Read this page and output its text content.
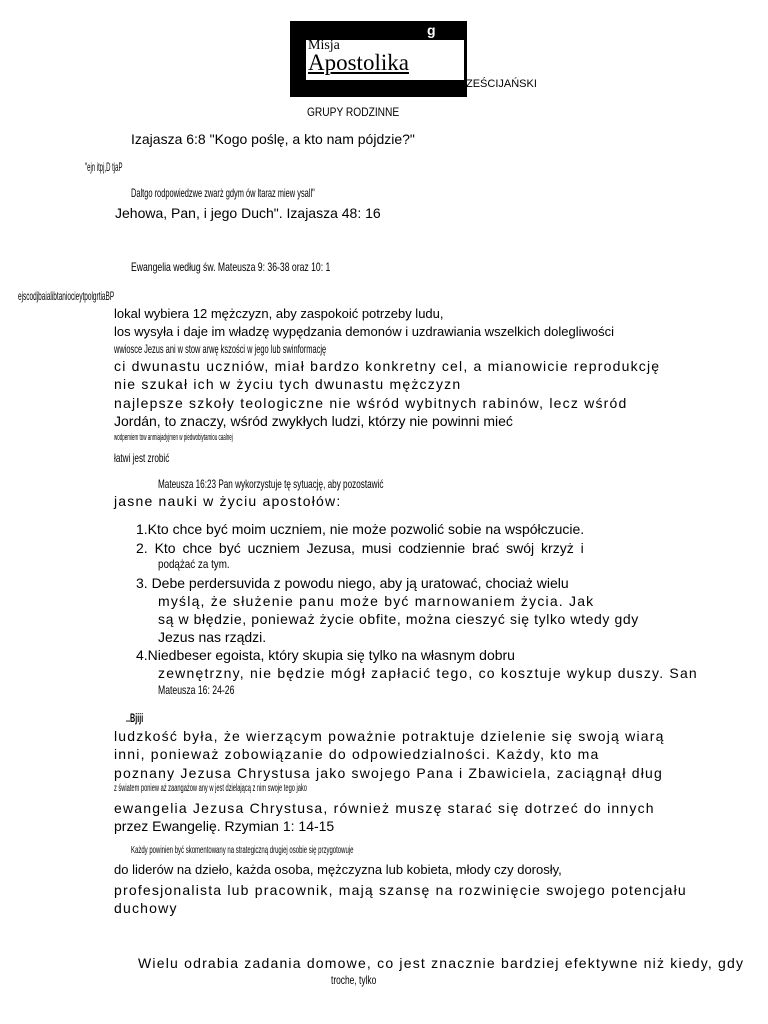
g
Misja
Apostolika
ZEŚCIJAŃSKI
GRUPY RODZINNE
Izajasza 6:8 "Kogo poślę, a kto nam pójdzie?"
"ejn itpj,D tjaP
Daltgo rodpowiedzwe zwarż gdym ów ltaraz miew ysall"
Jehowa, Pan, i jego Duch". Izajasza 48: 16
Ewangelia według św. Mateusza 9: 36-38 oraz 10: 1
ejscodjbaialibtaniocieytpolgrtiaBP
lokal wybiera 12 mężczyzn, aby zaspokoić potrzeby ludu,
los wysyła i daje im władzę wypędzania demonów i uzdrawiania wszelkich dolegliwości
wwiosce Jezus ani w stow arwę kszości w jego lub swinformację
ci dwunastu uczniów, miał bardzo konkretny cel, a mianowicie reprodukcję
nie szukał ich w życiu tych dwunastu mężczyzn
najlepsze szkoły teologiczne nie wśród wybitnych rabinów, lecz wśród
Jordán, to znaczy, wśród zwykłych ludzi, którzy nie powinni mieć
wodpemiem tow anmiajadyjmen w piedwobiytamiou caalnej
łatwi jest zrobić
Mateusza 16:23 Pan wykorzystuje tę sytuację, aby pozostawić
jasne nauki w życiu apostołów:
1.Kto chce być moim uczniem, nie może pozwolić sobie na współczucie.
2. Kto chce być uczniem Jezusa, musi codziennie brać swój krzyż i
podążać za tym.
3. Debe perdersuvida z powodu niego, aby ją uratować, chociaż wielu
myślą, że służenie panu może być marnowaniem życia. Jak
są w błędzie, ponieważ życie obfite, można cieszyć się tylko wtedy gdy
Jezus nas rządzi.
4.Niedbeser egoista, który skupia się tylko na własnym dobru
zewnętrzny, nie będzie mógł zapłacić tego, co kosztuje wykup duszy. San
Mateusza 16: 24-26
..Bjiji
ludzkość była, że wierzącym poważnie potraktuje dzielenie się swoją wiarą
inni, ponieważ zobowiązanie do odpowiedzialności. Każdy, kto ma
poznany Jezusa Chrystusa jako swojego Pana i Zbawiciela, zaciągnął dług
z światem poniew aż zaangażow any w jest dzielającą z nim swoje tego jako
ewangelia Jezusa Chrystusa, również muszę starać się dotrzeć do innych
przez Ewangelię. Rzymian 1: 14-15
Każdy powinien być skomentowany na strategiczną drugiej osobie się przygotowuje
do liderów na dzieło, każda osoba, mężczyzna lub kobieta, młody czy dorosły,
profesjonalista lub pracownik, mają szansę na rozwinięcie swojego potencjału
duchowy
Wielu odrabia zadania domowe, co jest znacznie bardziej efektywne niż kiedy, gdy
troche, tylko
